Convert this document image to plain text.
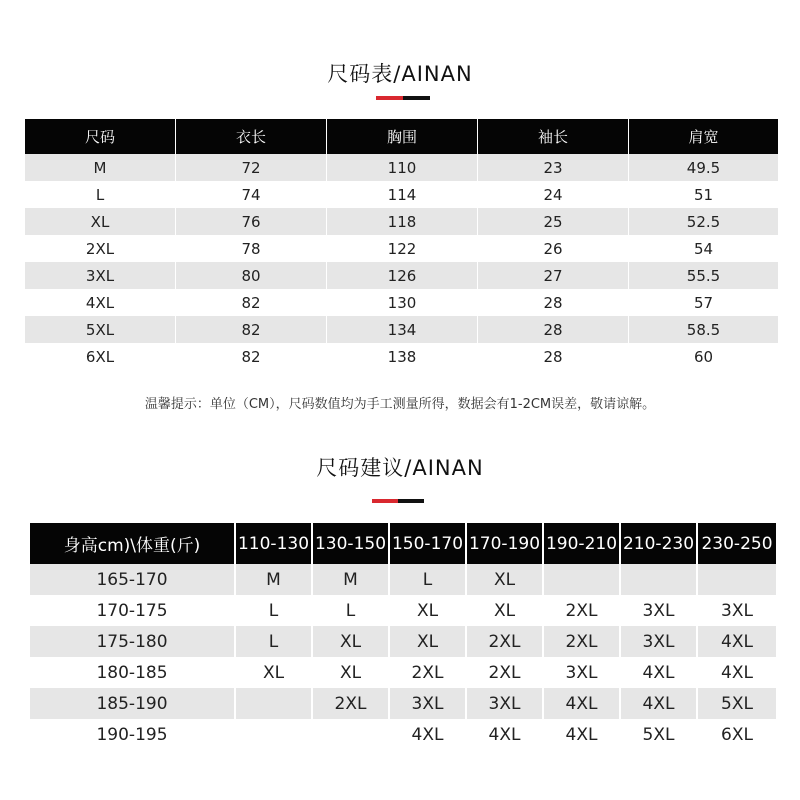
尺码表/AINAN
尺码	衣长	胸围	袖长	肩宽
M	72	110	23	49.5
L	74	114	24	51
XL	76	118	25	52.5
2XL	78	122	26	54
3XL	80	126	27	55.5
4XL	82	130	28	57
5XL	82	134	28	58.5
6XL	82	138	28	60
温馨提示：单位（CM），尺码数值均为手工测量所得，数据会有1-2CM误差，敬请谅解。
尺码建议/AINAN
身高cm)\体重(斤)	110-130	130-150	150-170	170-190	190-210	210-230	230-250
165-170	M	M	L	XL			
170-175	L	L	XL	XL	2XL	3XL	3XL
175-180	L	XL	XL	2XL	2XL	3XL	4XL
180-185	XL	XL	2XL	2XL	3XL	4XL	4XL
185-190		2XL	3XL	3XL	4XL	4XL	5XL
190-195			4XL	4XL	4XL	5XL	6XL
